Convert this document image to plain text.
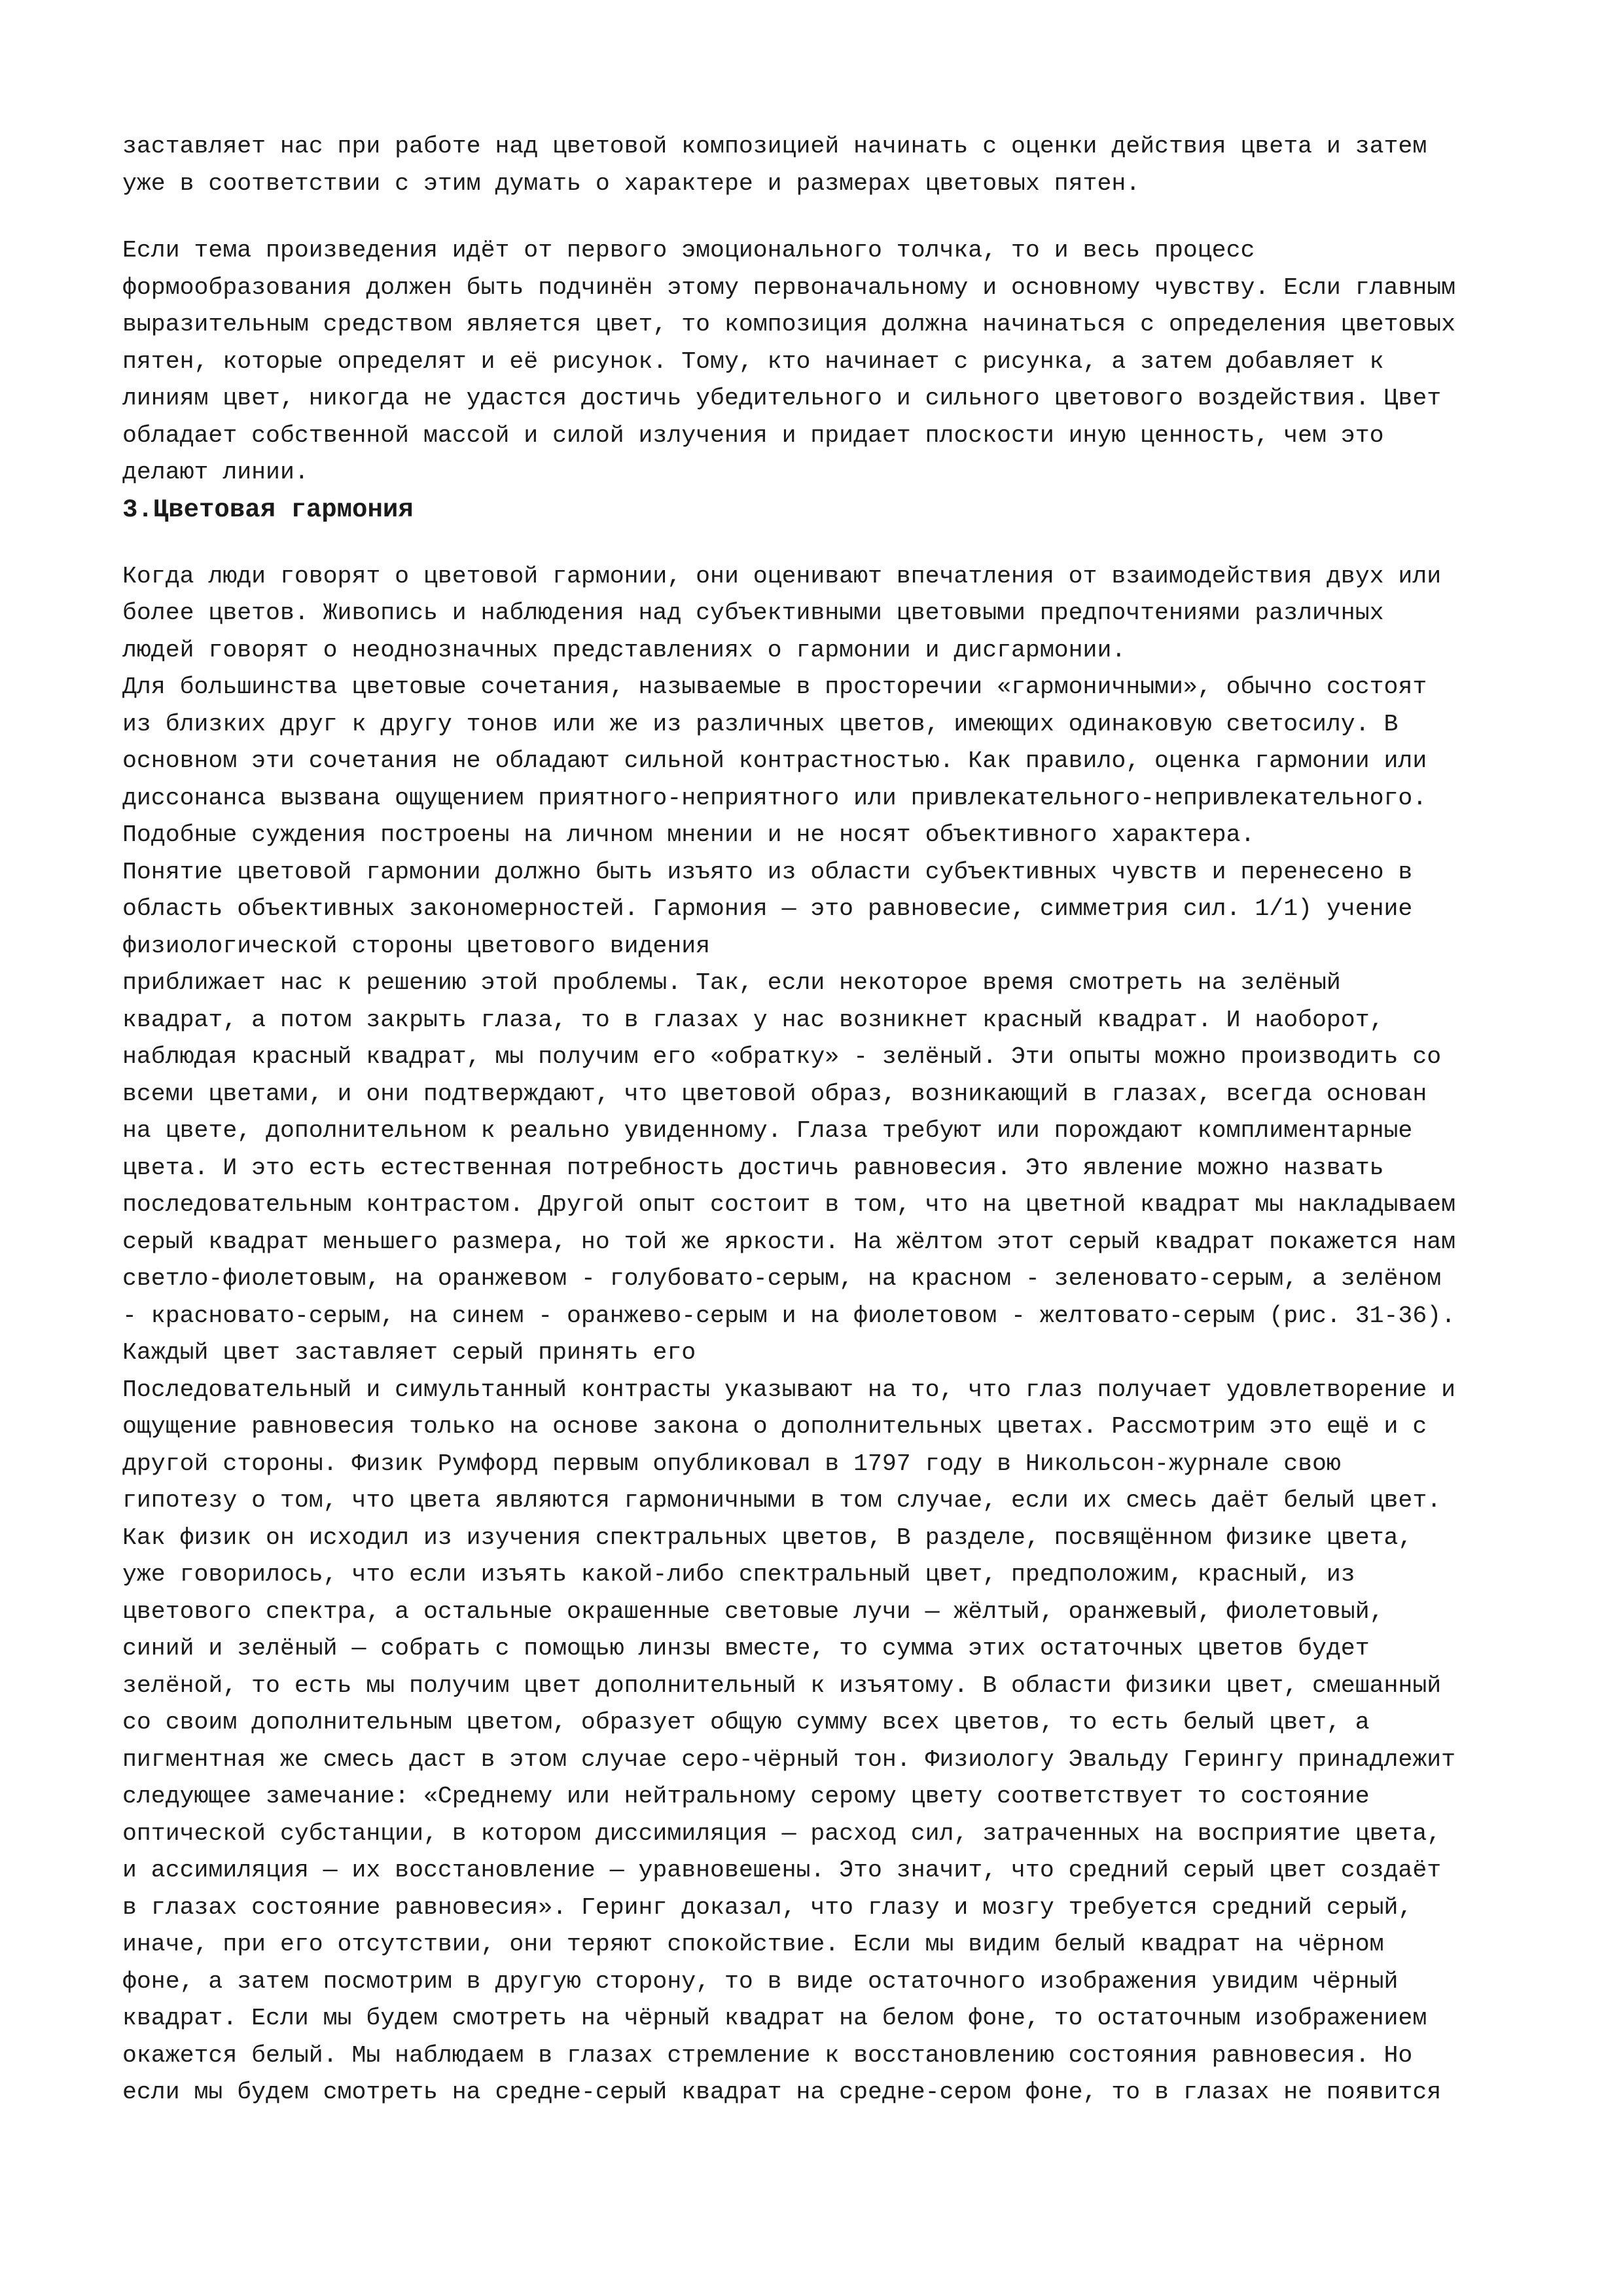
заставляет нас при работе над цветовой композицией начинать с оценки действия цвета и затем
уже в соответствии с этим думать о характере и размерах цветовых пятен.
Если тема произведения идёт от первого эмоционального толчка, то и весь процесс
формообразования должен быть подчинён этому первоначальному и основному чувству. Если главным
выразительным средством является цвет, то композиция должна начинаться с определения цветовых
пятен, которые определят и её рисунок. Тому, кто начинает с рисунка, а затем добавляет к
линиям цвет, никогда не удастся достичь убедительного и сильного цветового воздействия. Цвет
обладает собственной массой и силой излучения и придает плоскости иную ценность, чем это
делают линии.
3.Цветовая гармония
Когда люди говорят о цветовой гармонии, они оценивают впечатления от взаимодействия двух или
более цветов. Живопись и наблюдения над субъективными цветовыми предпочтениями различных
людей говорят о неоднозначных представлениях о гармонии и дисгармонии.
Для большинства цветовые сочетания, называемые в просторечии «гармоничными», обычно состоят
из близких друг к другу тонов или же из различных цветов, имеющих одинаковую светосилу. В
основном эти сочетания не обладают сильной контрастностью. Как правило, оценка гармонии или
диссонанса вызвана ощущением приятного-неприятного или привлекательного-непривлекательного.
Подобные суждения построены на личном мнении и не носят объективного характера.
Понятие цветовой гармонии должно быть изъято из области субъективных чувств и перенесено в
область объективных закономерностей. Гармония — это равновесие, симметрия сил. 1/1) учение
физиологической стороны цветового видения
приближает нас к решению этой проблемы. Так, если некоторое время смотреть на зелёный
квадрат, а потом закрыть глаза, то в глазах у нас возникнет красный квадрат. И наоборот,
наблюдая красный квадрат, мы получим его «обратку» - зелёный. Эти опыты можно производить со
всеми цветами, и они подтверждают, что цветовой образ, возникающий в глазах, всегда основан
на цвете, дополнительном к реально увиденному. Глаза требуют или порождают комплиментарные
цвета. И это есть естественная потребность достичь равновесия. Это явление можно назвать
последовательным контрастом. Другой опыт состоит в том, что на цветной квадрат мы накладываем
серый квадрат меньшего размера, но той же яркости. На жёлтом этот серый квадрат покажется нам
светло-фиолетовым, на оранжевом - голубовато-серым, на красном - зеленовато-серым, а зелёном
- красновато-серым, на синем - оранжево-серым и на фиолетовом - желтовато-серым (рис. 31-36).
Каждый цвет заставляет серый принять его
Последовательный и симультанный контрасты указывают на то, что глаз получает удовлетворение и
ощущение равновесия только на основе закона о дополнительных цветах. Рассмотрим это ещё и с
другой стороны. Физик Румфорд первым опубликовал в 1797 году в Никольсон-журнале свою
гипотезу о том, что цвета являются гармоничными в том случае, если их смесь даёт белый цвет.
Как физик он исходил из изучения спектральных цветов, В разделе, посвящённом физике цвета,
уже говорилось, что если изъять какой-либо спектральный цвет, предположим, красный, из
цветового спектра, а остальные окрашенные световые лучи — жёлтый, оранжевый, фиолетовый,
синий и зелёный — собрать с помощью линзы вместе, то сумма этих остаточных цветов будет
зелёной, то есть мы получим цвет дополнительный к изъятому. В области физики цвет, смешанный
со своим дополнительным цветом, образует общую сумму всех цветов, то есть белый цвет, а
пигментная же смесь даст в этом случае серо-чёрный тон. Физиологу Эвальду Герингу принадлежит
следующее замечание: «Среднему или нейтральному серому цвету соответствует то состояние
оптической субстанции, в котором диссимиляция — расход сил, затраченных на восприятие цвета,
и ассимиляция — их восстановление — уравновешены. Это значит, что средний серый цвет создаёт
в глазах состояние равновесия». Геринг доказал, что глазу и мозгу требуется средний серый,
иначе, при его отсутствии, они теряют спокойствие. Если мы видим белый квадрат на чёрном
фоне, а затем посмотрим в другую сторону, то в виде остаточного изображения увидим чёрный
квадрат. Если мы будем смотреть на чёрный квадрат на белом фоне, то остаточным изображением
окажется белый. Мы наблюдаем в глазах стремление к восстановлению состояния равновесия. Но
если мы будем смотреть на средне-серый квадрат на средне-сером фоне, то в глазах не появится
